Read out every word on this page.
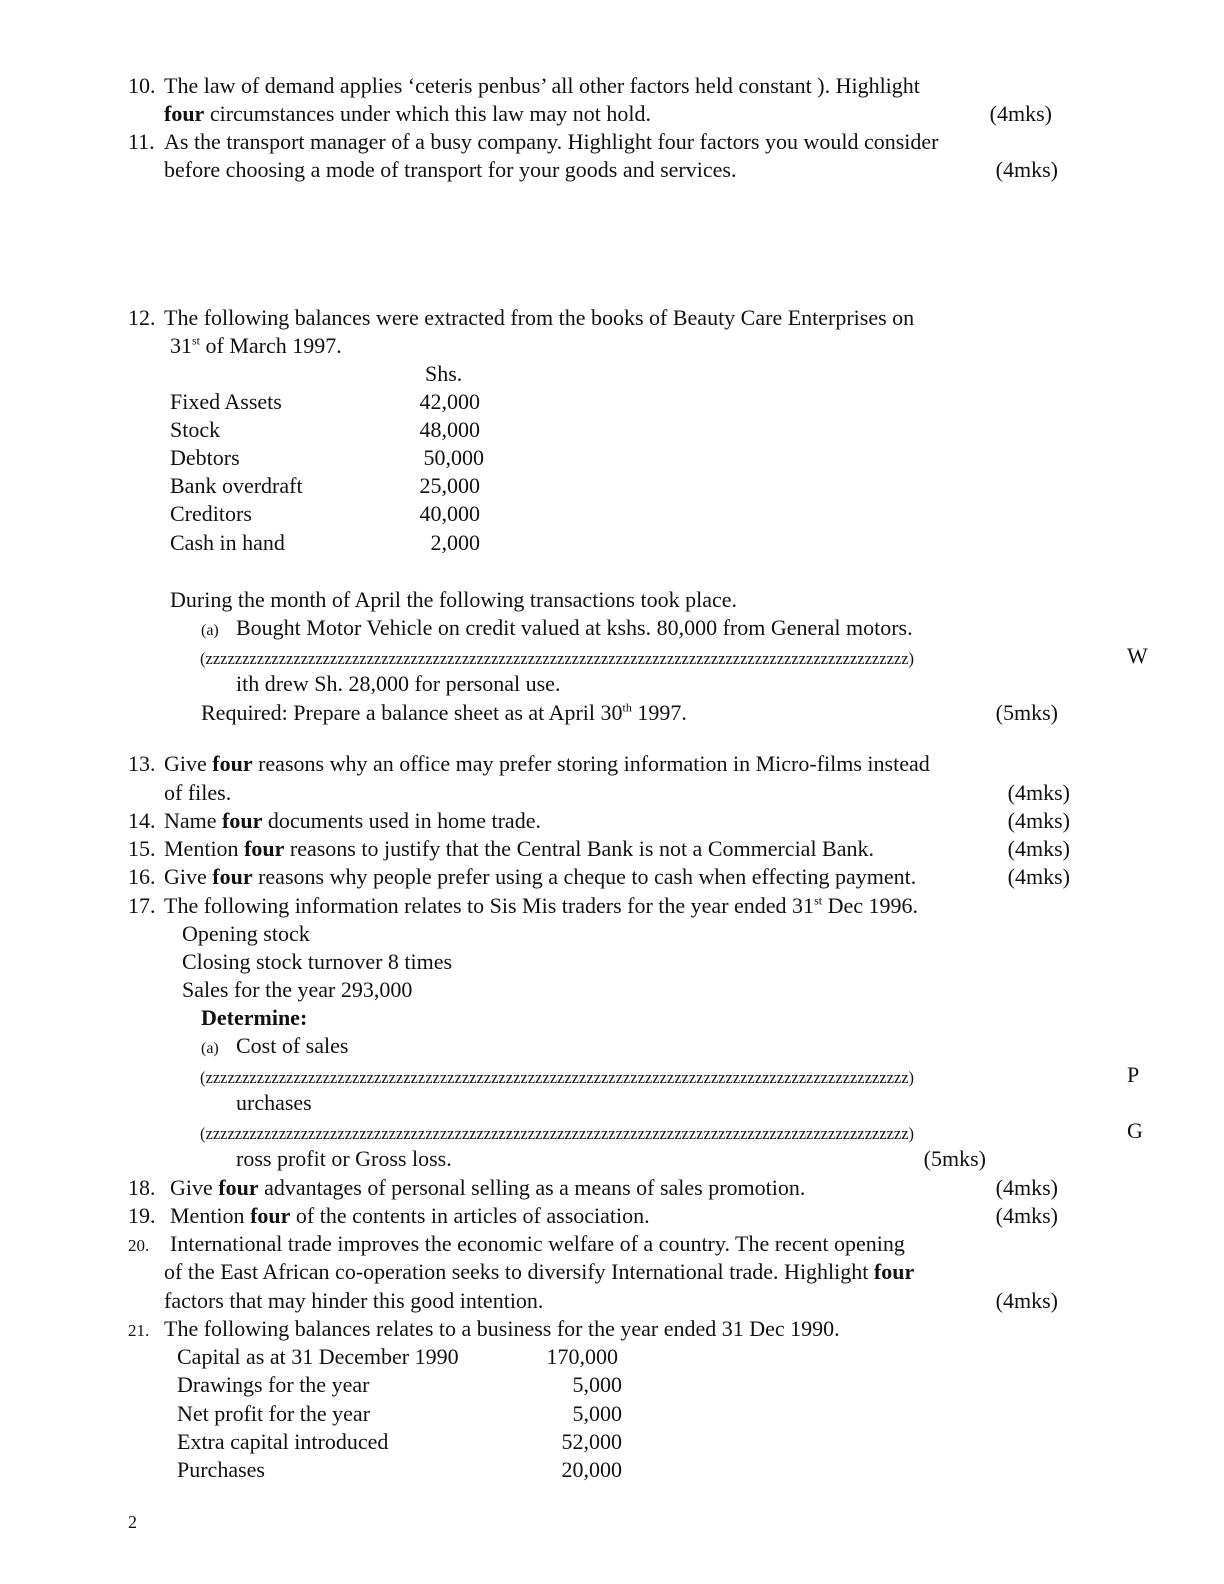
10. The law of demand applies ‘ceteris penbus’ all other factors held constant ). Highlight
four circumstances under which this law may not hold.	(4mks)
11. As the transport manager of a busy company. Highlight four factors you would consider
before choosing a mode of transport for your goods and services.	(4mks)
12. The following balances were extracted from the books of Beauty Care Enterprises on
31st of March 1997.
Shs.
Fixed Assets	42,000
Stock	48,000
Debtors	50,000
Bank overdraft	25,000
Creditors	40,000
Cash in hand	2,000
During the month of April the following transactions took place.
(a) Bought Motor Vehicle on credit valued at kshs. 80,000 from General motors.
(zzzzzzzzzzzzzzzzzzzzzzzzzzzzzzzzzzzzzzzzzzzzzzzzzzzzzzzzzzzzzzzzzzzzzzzzzzzzzzzzzzzzzzzzzzzzzzzz)	W
ith drew Sh. 28,000 for personal use.
Required: Prepare a balance sheet as at April 30th 1997.	(5mks)
13. Give four reasons why an office may prefer storing information in Micro-films instead
of files.	(4mks)
14. Name four documents used in home trade.	(4mks)
15. Mention four reasons to justify that the Central Bank is not a Commercial Bank.	(4mks)
16. Give four reasons why people prefer using a cheque to cash when effecting payment.	(4mks)
17. The following information relates to Sis Mis traders for the year ended 31st Dec 1996.
Opening stock
Closing stock turnover 8 times
Sales for the year 293,000
Determine:
(a) Cost of sales
(zzzzzzzzzzzzzzzzzzzzzzzzzzzzzzzzzzzzzzzzzzzzzzzzzzzzzzzzzzzzzzzzzzzzzzzzzzzzzzzzzzzzzzzzzzzzzzzz)	P
urchases
(zzzzzzzzzzzzzzzzzzzzzzzzzzzzzzzzzzzzzzzzzzzzzzzzzzzzzzzzzzzzzzzzzzzzzzzzzzzzzzzzzzzzzzzzzzzzzzzz)	G
ross profit or Gross loss.	(5mks)
18. Give four advantages of personal selling as a means of sales promotion.	(4mks)
19. Mention four of the contents in articles of association.	(4mks)
20. International trade improves the economic welfare of a country. The recent opening
of the East African co-operation seeks to diversify International trade. Highlight four
factors that may hinder this good intention.	(4mks)
21. The following balances relates to a business for the year ended 31 Dec 1990.
Capital as at 31 December 1990	170,000
Drawings for the year	5,000
Net profit for the year	5,000
Extra capital introduced	52,000
Purchases	20,000
2
